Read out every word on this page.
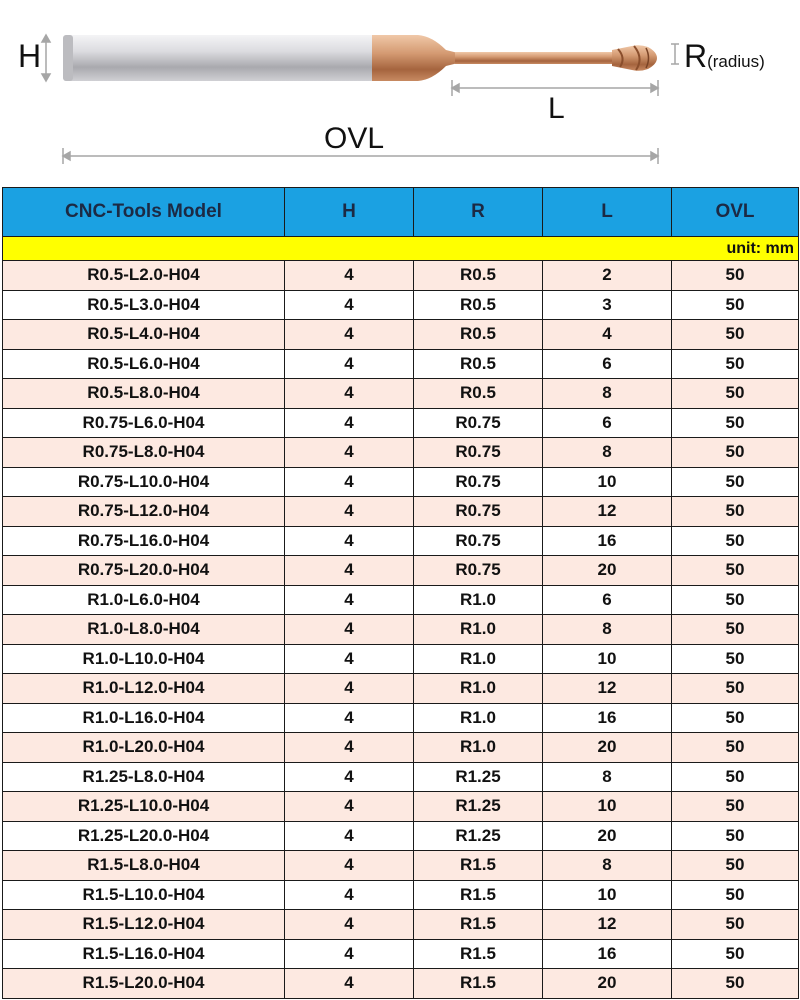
H	R(radius)
L
OVL
CNC-Tools Model	H	R	L	OVL
unit: mm				
R0.5-L2.0-H04	4	R0.5	2	50
R0.5-L3.0-H04	4	R0.5	3	50
R0.5-L4.0-H04	4	R0.5	4	50
R0.5-L6.0-H04	4	R0.5	6	50
R0.5-L8.0-H04	4	R0.5	8	50
R0.75-L6.0-H04	4	R0.75	6	50
R0.75-L8.0-H04	4	R0.75	8	50
R0.75-L10.0-H04	4	R0.75	10	50
R0.75-L12.0-H04	4	R0.75	12	50
R0.75-L16.0-H04	4	R0.75	16	50
R0.75-L20.0-H04	4	R0.75	20	50
R1.0-L6.0-H04	4	R1.0	6	50
R1.0-L8.0-H04	4	R1.0	8	50
R1.0-L10.0-H04	4	R1.0	10	50
R1.0-L12.0-H04	4	R1.0	12	50
R1.0-L16.0-H04	4	R1.0	16	50
R1.0-L20.0-H04	4	R1.0	20	50
R1.25-L8.0-H04	4	R1.25	8	50
R1.25-L10.0-H04	4	R1.25	10	50
R1.25-L20.0-H04	4	R1.25	20	50
R1.5-L8.0-H04	4	R1.5	8	50
R1.5-L10.0-H04	4	R1.5	10	50
R1.5-L12.0-H04	4	R1.5	12	50
R1.5-L16.0-H04	4	R1.5	16	50
R1.5-L20.0-H04	4	R1.5	20	50
